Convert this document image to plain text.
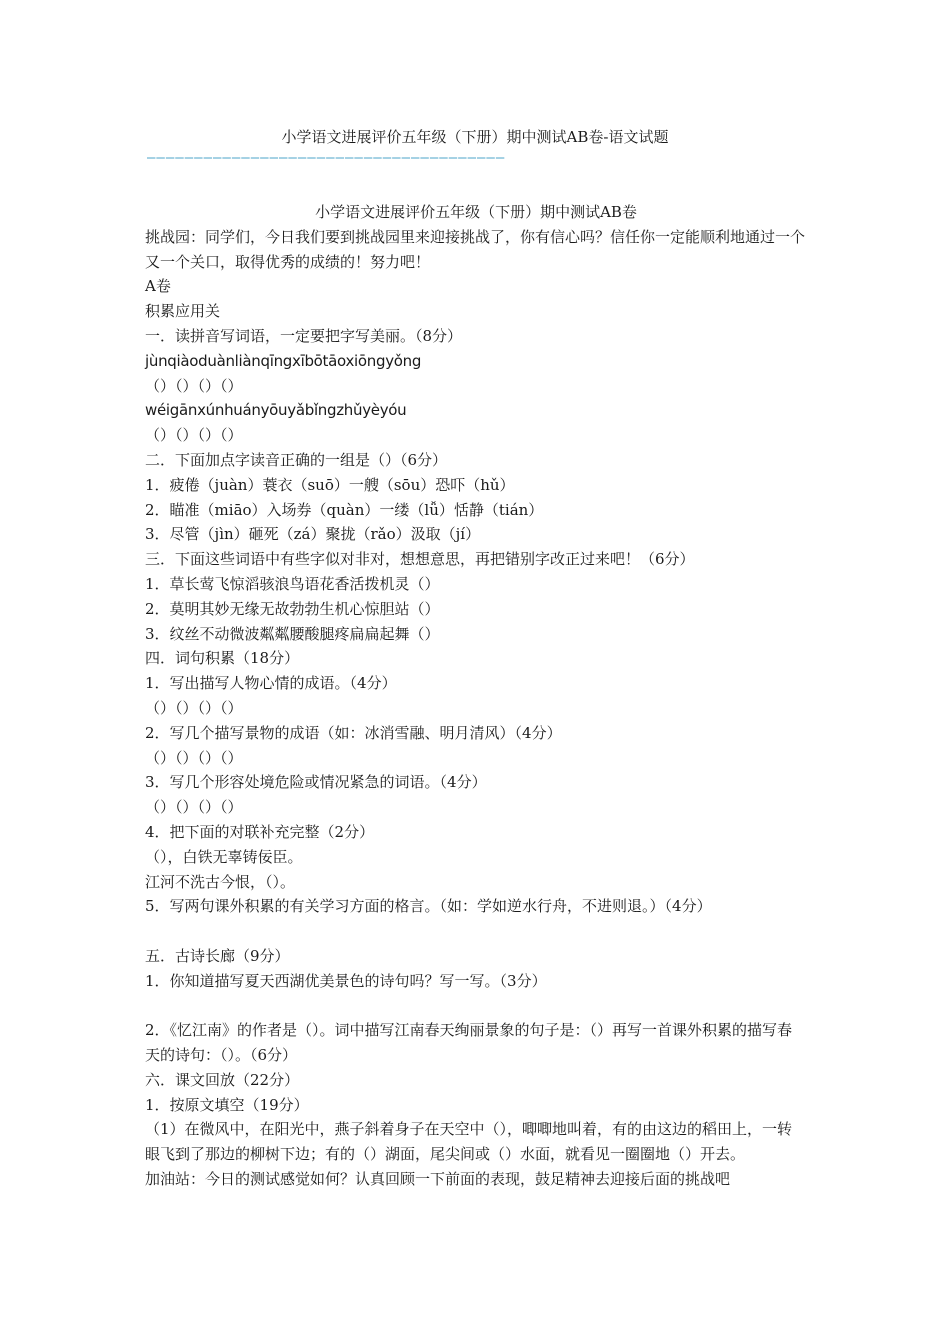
小学语文进展评价五年级（下册）期中测试AB卷-语文试题
——————————————————————————————————————
小学语文进展评价五年级（下册）期中测试AB卷
挑战园：同学们，今日我们要到挑战园里来迎接挑战了，你有信心吗？信任你一定能顺利地通过一个又一个关口，取得优秀的成绩的！努力吧！
A卷
积累应用关
一．读拼音写词语，一定要把字写美丽。（8分）
jùnqiàoduànliànqīngxībōtāoxiōngyǒng
（）（）（）（）
wéigānxúnhuányōuyǎbǐngzhǔyèyóu
（）（）（）（）
二．下面加点字读音正确的一组是（）（6分）
1．疲倦（juàn）蓑衣（suō）一艘（sōu）恐吓（hǔ）
2．瞄准（miāo）入场券（quàn）一缕（lǚ）恬静（tián）
3．尽管（jìn）砸死（zá）聚拢（rǎo）汲取（jí）
三．下面这些词语中有些字似对非对，想想意思，再把错别字改正过来吧！（6分）
1．草长莺飞惊滔骇浪鸟语花香活拨机灵（）
2．莫明其妙无缘无故勃勃生机心惊胆站（）
3．纹丝不动微波粼粼腰酸腿疼扁扁起舞（）
四．词句积累（18分）
1．写出描写人物心情的成语。（4分）
（）（）（）（）
2．写几个描写景物的成语（如：冰消雪融、明月清风）（4分）
（）（）（）（）
3．写几个形容处境危险或情况紧急的词语。（4分）
（）（）（）（）
4．把下面的对联补充完整（2分）
（），白铁无辜铸佞臣。
江河不洗古今恨，（）。
5．写两句课外积累的有关学习方面的格言。（如：学如逆水行舟，不进则退。）（4分）
五．古诗长廊（9分）
1．你知道描写夏天西湖优美景色的诗句吗？写一写。（3分）
2．《忆江南》的作者是（）。词中描写江南春天绚丽景象的句子是：（）再写一首课外积累的描写春天的诗句：（）。（6分）
六．课文回放（22分）
1．按原文填空（19分）
（1）在微风中，在阳光中，燕子斜着身子在天空中（），唧唧地叫着，有的由这边的稻田上，一转眼飞到了那边的柳树下边；有的（）湖面，尾尖间或（）水面，就看见一圈圈地（）开去。
加油站：今日的测试感觉如何？认真回顾一下前面的表现，鼓足精神去迎接后面的挑战吧
